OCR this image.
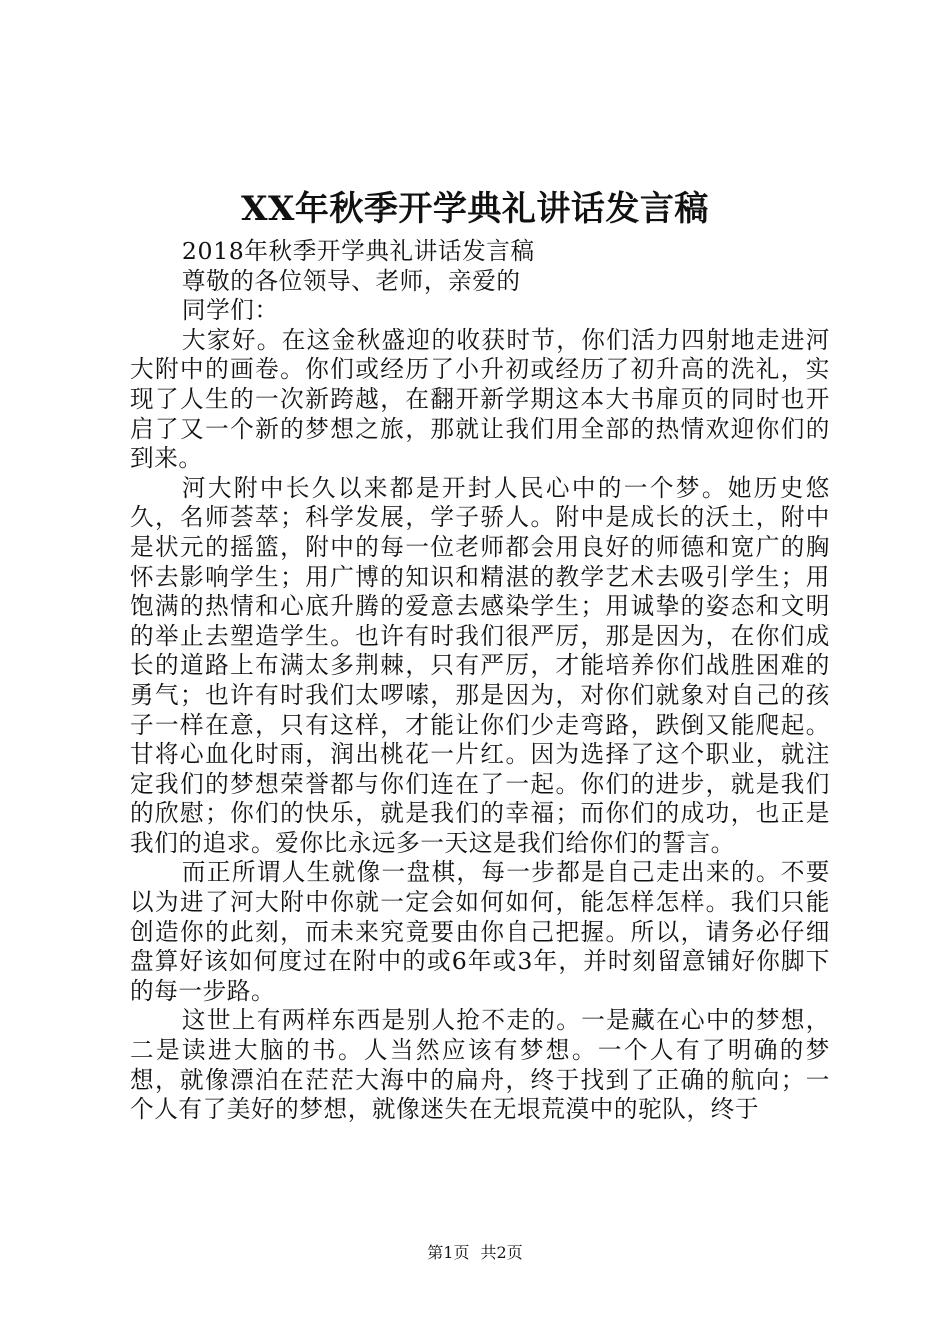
XX年秋季开学典礼讲话发言稿

2018年秋季开学典礼讲话发言稿

尊敬的各位领导、老师，亲爱的

同学们：

大家好。在这金秋盛迎的收获时节，你们活力四射地走进河大附中的画卷。你们或经历了小升初或经历了初升高的洗礼，实现了人生的一次新跨越，在翻开新学期这本大书扉页的同时也开启了又一个新的梦想之旅，那就让我们用全部的热情欢迎你们的到来。

河大附中长久以来都是开封人民心中的一个梦。她历史悠久，名师荟萃；科学发展，学子骄人。附中是成长的沃土，附中是状元的摇篮，附中的每一位老师都会用良好的师德和宽广的胸怀去影响学生；用广博的知识和精湛的教学艺术去吸引学生；用饱满的热情和心底升腾的爱意去感染学生；用诚挚的姿态和文明的举止去塑造学生。也许有时我们很严厉，那是因为，在你们成长的道路上布满太多荆棘，只有严厉，才能培养你们战胜困难的勇气；也许有时我们太啰嗦，那是因为，对你们就象对自己的孩子一样在意，只有这样，才能让你们少走弯路，跌倒又能爬起。甘将心血化时雨，润出桃花一片红。因为选择了这个职业，就注定我们的梦想荣誉都与你们连在了一起。你们的进步，就是我们的欣慰；你们的快乐，就是我们的幸福；而你们的成功，也正是我们的追求。爱你比永远多一天这是我们给你们的誓言。

而正所谓人生就像一盘棋，每一步都是自己走出来的。不要以为进了河大附中你就一定会如何如何，能怎样怎样。我们只能创造你的此刻，而未来究竟要由你自己把握。所以，请务必仔细盘算好该如何度过在附中的或6年或3年，并时刻留意铺好你脚下的每一步路。

这世上有两样东西是别人抢不走的。一是藏在心中的梦想，二是读进大脑的书。人当然应该有梦想。一个人有了明确的梦想，就像漂泊在茫茫大海中的扁舟，终于找到了正确的航向；一个人有了美好的梦想，就像迷失在无垠荒漠中的驼队，终于

第1页 共2页
